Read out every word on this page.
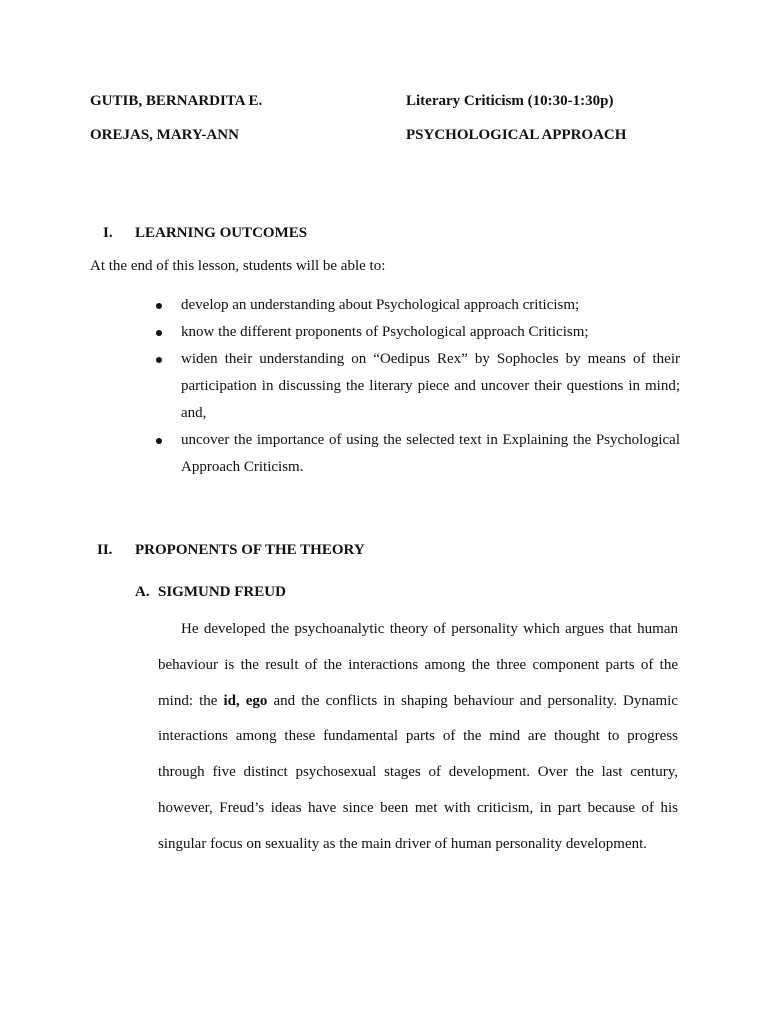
GUTIB, BERNARDITA E.
OREJAS, MARY-ANN
Literary Criticism (10:30-1:30p)
PSYCHOLOGICAL APPROACH
I. LEARNING OUTCOMES
At the end of this lesson, students will be able to:
develop an understanding about Psychological approach criticism;
know the different proponents of Psychological approach Criticism;
widen their understanding on “Oedipus Rex” by Sophocles by means of their participation in discussing the literary piece and uncover their questions in mind; and,
uncover the importance of using the selected text in Explaining the Psychological Approach Criticism.
II. PROPONENTS OF THE THEORY
A. SIGMUND FREUD

He developed the psychoanalytic theory of personality which argues that human behaviour is the result of the interactions among the three component parts of the mind: the id, ego and the conflicts in shaping behaviour and personality. Dynamic interactions among these fundamental parts of the mind are thought to progress through five distinct psychosexual stages of development. Over the last century, however, Freud’s ideas have since been met with criticism, in part because of his singular focus on sexuality as the main driver of human personality development.
